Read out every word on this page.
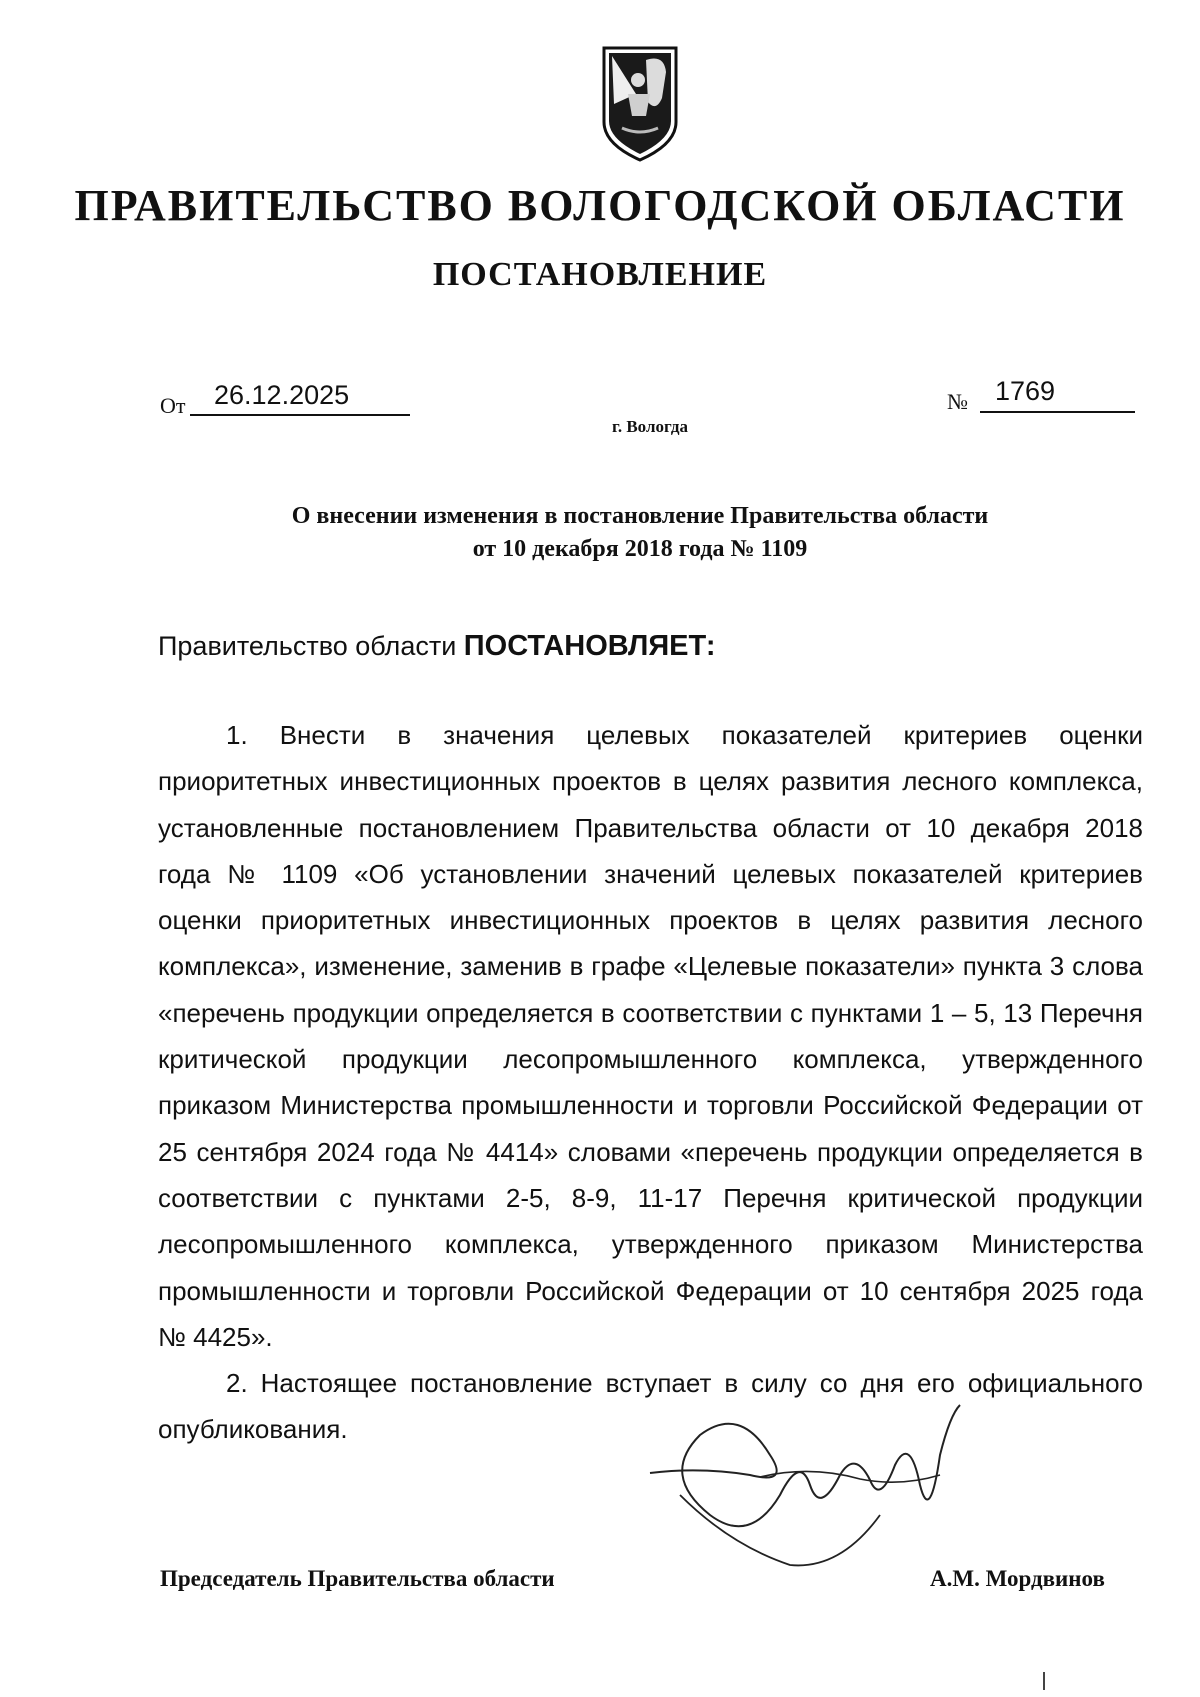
ПРАВИТЕЛЬСТВО ВОЛОГОДСКОЙ ОБЛАСТИ
ПОСТАНОВЛЕНИЕ
От 26.12.2025	№ 1769
г. Вологда
О внесении изменения в постановление Правительства области
от 10 декабря 2018 года № 1109
Правительство области ПОСТАНОВЛЯЕТ:

1. Внести в значения целевых показателей критериев оценки приоритетных инвестиционных проектов в целях развития лесного комплекса, установленные постановлением Правительства области от 10 декабря 2018 года № 1109 «Об установлении значений целевых показателей критериев оценки приоритетных инвестиционных проектов в целях развития лесного комплекса», изменение, заменив в графе «Целевые показатели» пункта 3 слова «перечень продукции определяется в соответствии с пунктами 1 – 5, 13 Перечня критической продукции лесопромышленного комплекса, утвержденного приказом Министерства промышленности и торговли Российской Федерации от 25 сентября 2024 года № 4414» словами «перечень продукции определяется в соответствии с пунктами 2-5, 8-9, 11-17 Перечня критической продукции лесопромышленного комплекса, утвержденного приказом Министерства промышленности и торговли Российской Федерации от 10 сентября 2025 года № 4425».

2. Настоящее постановление вступает в силу со дня его официального опубликования.

Председатель Правительства области	А.М. Мордвинов
